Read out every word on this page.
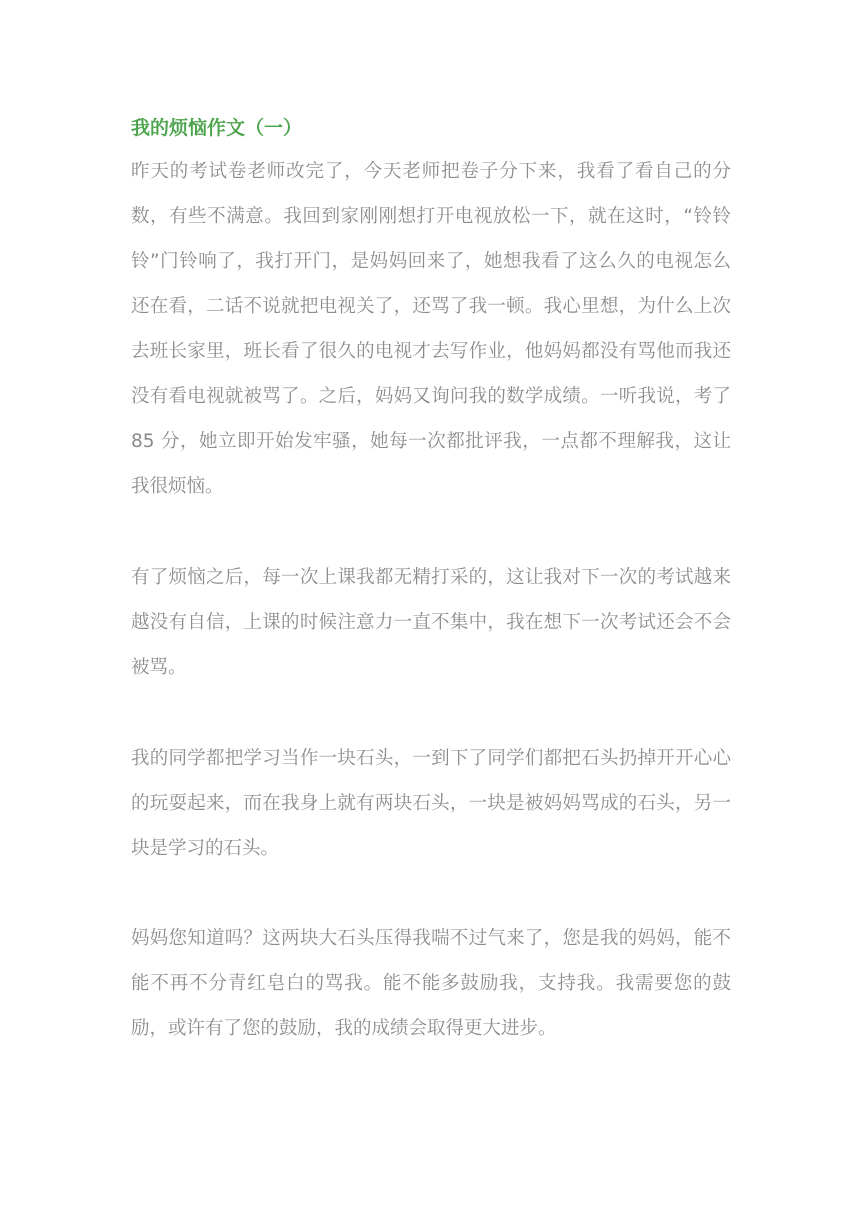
我的烦恼作文（一）

昨天的考试卷老师改完了，今天老师把卷子分下来，我看了看自己的分数，有些不满意。我回到家刚刚想打开电视放松一下，就在这时，“铃铃铃”门铃响了，我打开门，是妈妈回来了，她想我看了这么久的电视怎么还在看，二话不说就把电视关了，还骂了我一顿。我心里想，为什么上次去班长家里，班长看了很久的电视才去写作业，他妈妈都没有骂他而我还没有看电视就被骂了。之后，妈妈又询问我的数学成绩。一听我说，考了 85 分，她立即开始发牢骚，她每一次都批评我，一点都不理解我，这让我很烦恼。

有了烦恼之后，每一次上课我都无精打采的，这让我对下一次的考试越来越没有自信，上课的时候注意力一直不集中，我在想下一次考试还会不会被骂。

我的同学都把学习当作一块石头，一到下了同学们都把石头扔掉开开心心的玩耍起来，而在我身上就有两块石头，一块是被妈妈骂成的石头，另一块是学习的石头。

妈妈您知道吗？这两块大石头压得我喘不过气来了，您是我的妈妈，能不能不再不分青红皂白的骂我。能不能多鼓励我，支持我。我需要您的鼓励，或许有了您的鼓励，我的成绩会取得更大进步。
